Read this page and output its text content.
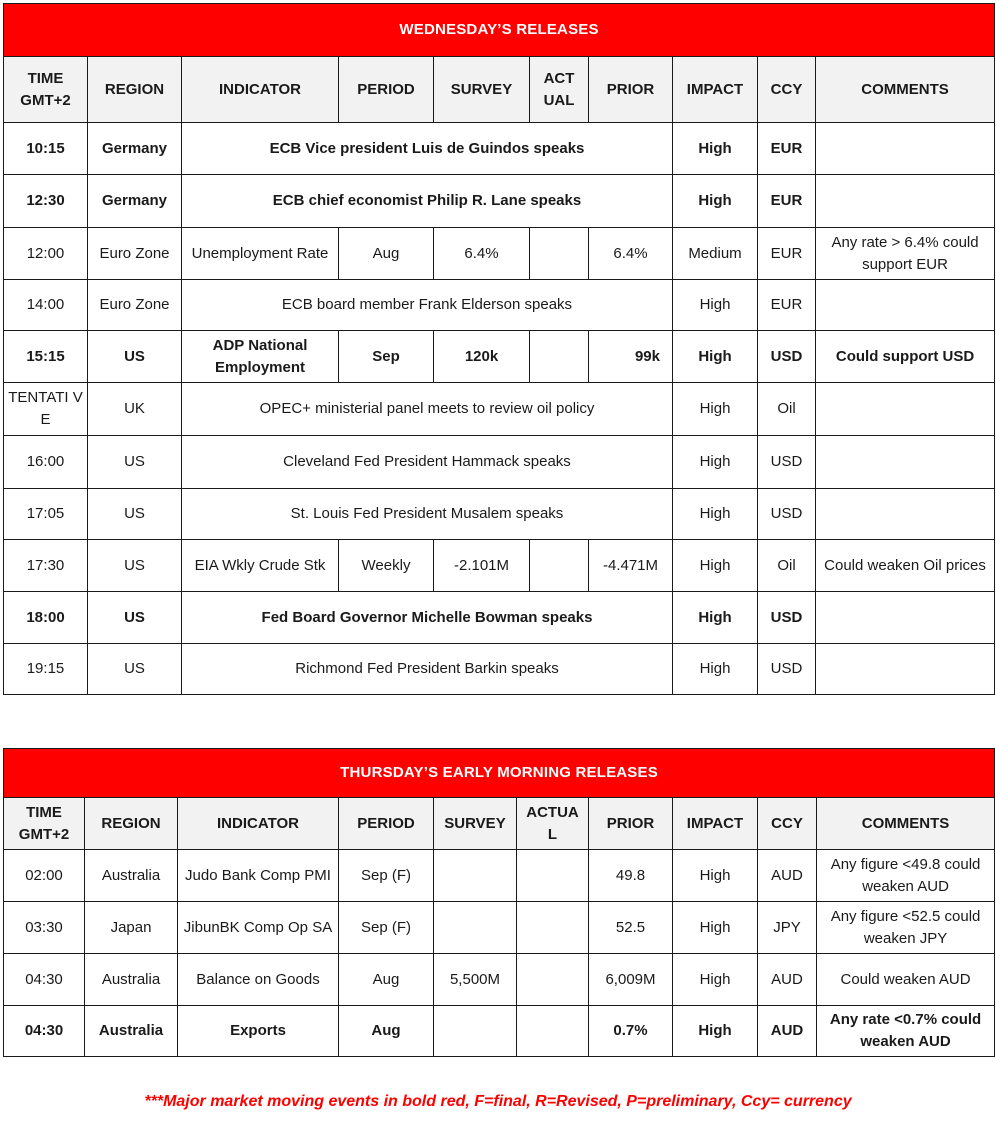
WEDNESDAY’S RELEASES									
TIME GMT+2	REGION	INDICATOR	PERIOD	SURVEY	ACT UAL	PRIOR	IMPACT	CCY	COMMENTS
10:15	Germany	ECB Vice president Luis de Guindos speaks					High	EUR	
12:30	Germany	ECB chief economist Philip R. Lane speaks					High	EUR	
12:00	Euro Zone	Unemployment Rate	Aug	6.4%		6.4%	Medium	EUR	Any rate > 6.4% could support EUR
14:00	Euro Zone	ECB board member Frank Elderson speaks					High	EUR	
15:15	US	ADP National Employment	Sep	120k		99k	High	USD	Could support USD
TENTATI VE	UK	OPEC+ ministerial panel meets to review oil policy					High	Oil	
16:00	US	Cleveland Fed President Hammack speaks					High	USD	
17:05	US	St. Louis Fed President Musalem speaks					High	USD	
17:30	US	EIA Wkly Crude Stk	Weekly	-2.101M		-4.471M	High	Oil	Could weaken Oil prices
18:00	US	Fed Board Governor Michelle Bowman speaks					High	USD	
19:15	US	Richmond Fed President Barkin speaks					High	USD	
THURSDAY’S EARLY MORNING RELEASES									
TIME GMT+2	REGION	INDICATOR	PERIOD	SURVEY	ACTUA L	PRIOR	IMPACT	CCY	COMMENTS
02:00	Australia	Judo Bank Comp PMI	Sep (F)			49.8	High	AUD	Any figure <49.8 could weaken AUD
03:30	Japan	JibunBK Comp Op SA	Sep (F)			52.5	High	JPY	Any figure <52.5 could weaken JPY
04:30	Australia	Balance on Goods	Aug	5,500M		6,009M	High	AUD	Could weaken AUD
04:30	Australia	Exports	Aug			0.7%	High	AUD	Any rate <0.7% could weaken AUD
***Major market moving events in bold red, F=final, R=Revised, P=preliminary, Ccy= currency
